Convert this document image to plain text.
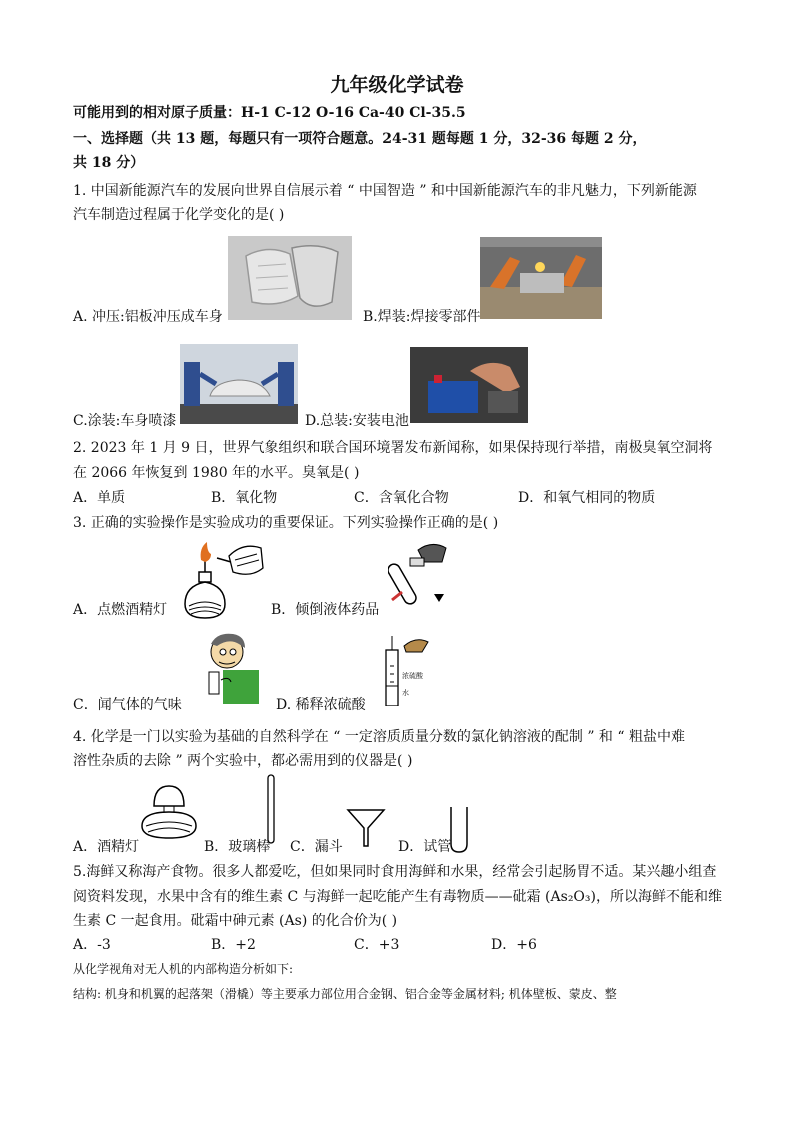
九年级化学试卷
可能用到的相对原子质量：H-1 C-12 O-16 Ca-40 Cl-35.5
一、选择题（共 13 题，每题只有一项符合题意。24-31 题每题 1 分，32-36 每题 2 分，
共 18 分）
1. 中国新能源汽车的发展向世界自信展示着 “ 中国智造 ” 和中国新能源汽车的非凡魅力，下列新能源
汽车制造过程属于化学变化的是( )
A. 冲压:铝板冲压成车身	B.焊装:焊接零部件
C.涂装:车身喷漆	D.总装:安装电池
2. 2023 年 1 月 9 日，世界气象组织和联合国环境署发布新闻称，如果保持现行举措，南极臭氧空洞将
在 2066 年恢复到 1980 年的水平。臭氧是( )
A．单质	B．氧化物	C．含氧化合物	D．和氧气相同的物质
3. 正确的实验操作是实验成功的重要保证。下列实验操作正确的是( )
A．点燃酒精灯	B．倾倒液体药品
C．闻气体的气味
浓硫酸
水
D. 稀释浓硫酸
4. 化学是一门以实验为基础的自然科学在 “ 一定溶质质量分数的氯化钠溶液的配制 ” 和 “ 粗盐中难
溶性杂质的去除 ” 两个实验中，都必需用到的仪器是( )
A．酒精灯	B．玻璃棒 C．漏斗	D．试管
5.海鲜又称海产食物。很多人都爱吃，但如果同时食用海鲜和水果，经常会引起肠胃不适。某兴趣小组查
阅资料发现，水果中含有的维生素 C 与海鲜一起吃能产生有毒物质——砒霜 (As₂O₃)，所以海鲜不能和维
生素 C 一起食用。砒霜中砷元素 (As) 的化合价为( )
A．-3	B．+2	C．+3	D．+6
从化学视角对无人机的内部构造分析如下:
结构: 机身和机翼的起落架（滑橇）等主要承力部位用合金钢、铝合金等金属材料; 机体壁板、蒙皮、整
